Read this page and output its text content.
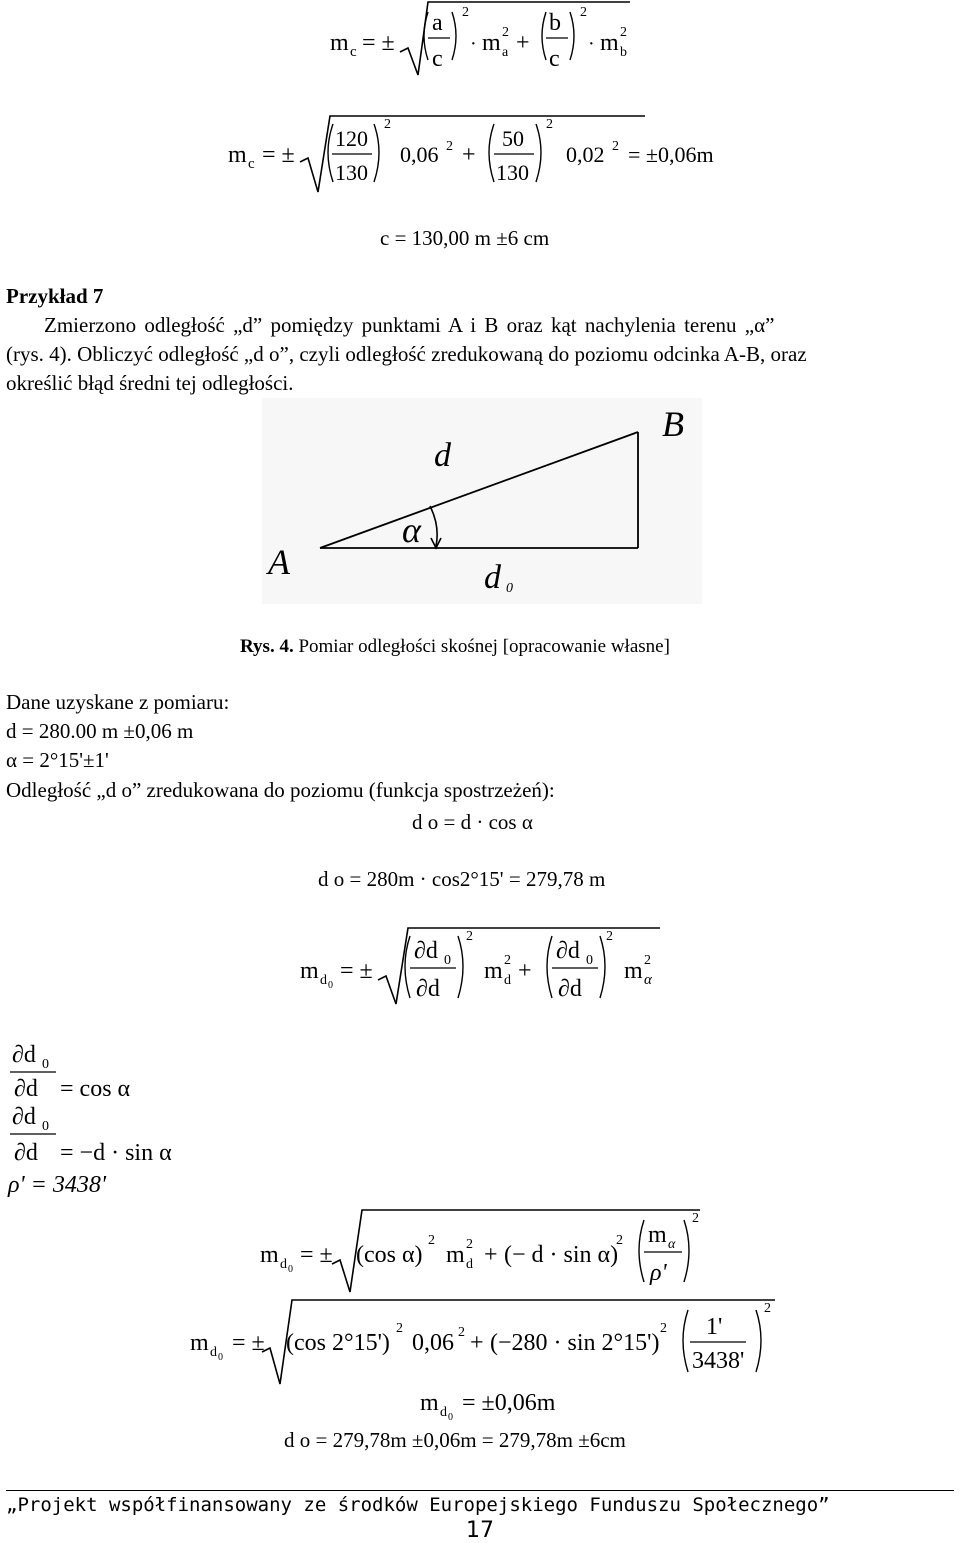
m c = ±
a
c
2
· m 2
a +
b
c
2
· m 2
b
m c = ±
120
130
2
0,06 2 +
50
130
2
0,02 2 = ±0,06m
c = 130,00 m ±6 cm
Przykład 7
Zmierzono odległość „d” pomiędzy punktami A i B oraz kąt nachylenia terenu „α”
(rys. 4). Obliczyć odległość „d o”, czyli odległość zredukowaną do poziomu odcinka A-B, oraz
określić błąd średni tej odległości.
B
d
α
A	d 0
Rys. 4. Pomiar odległości skośnej [opracowanie własne]
Dane uzyskane z pomiaru:
d = 280.00 m ±0,06 m
α = 2°15'±1'
Odległość „d o” zredukowana do poziomu (funkcja spostrzeżeń):
d o = d · cos α
d o = 280m · cos2°15' = 279,78 m
m d 0
= ±
∂d 0
∂d
2
m 2
d +
∂d 0
∂d
2
m 2
α
∂d 0
∂d = cos α
∂d 0
∂d = −d · sin α
ρ' = 3438'
m d 0
= ± (cos α)
2
m 2
d + (− d · sin α)
2 m α
ρ'
2
m d 0
= ± (cos 2°15')
2
0,06 2 + (−280 · sin 2°15')
2 1'
3438'
2
m d 0
= ±0,06m
d o = 279,78m ±0,06m = 279,78m ±6cm
„Projekt współfinansowany ze środków Europejskiego Funduszu Społecznego”
17
